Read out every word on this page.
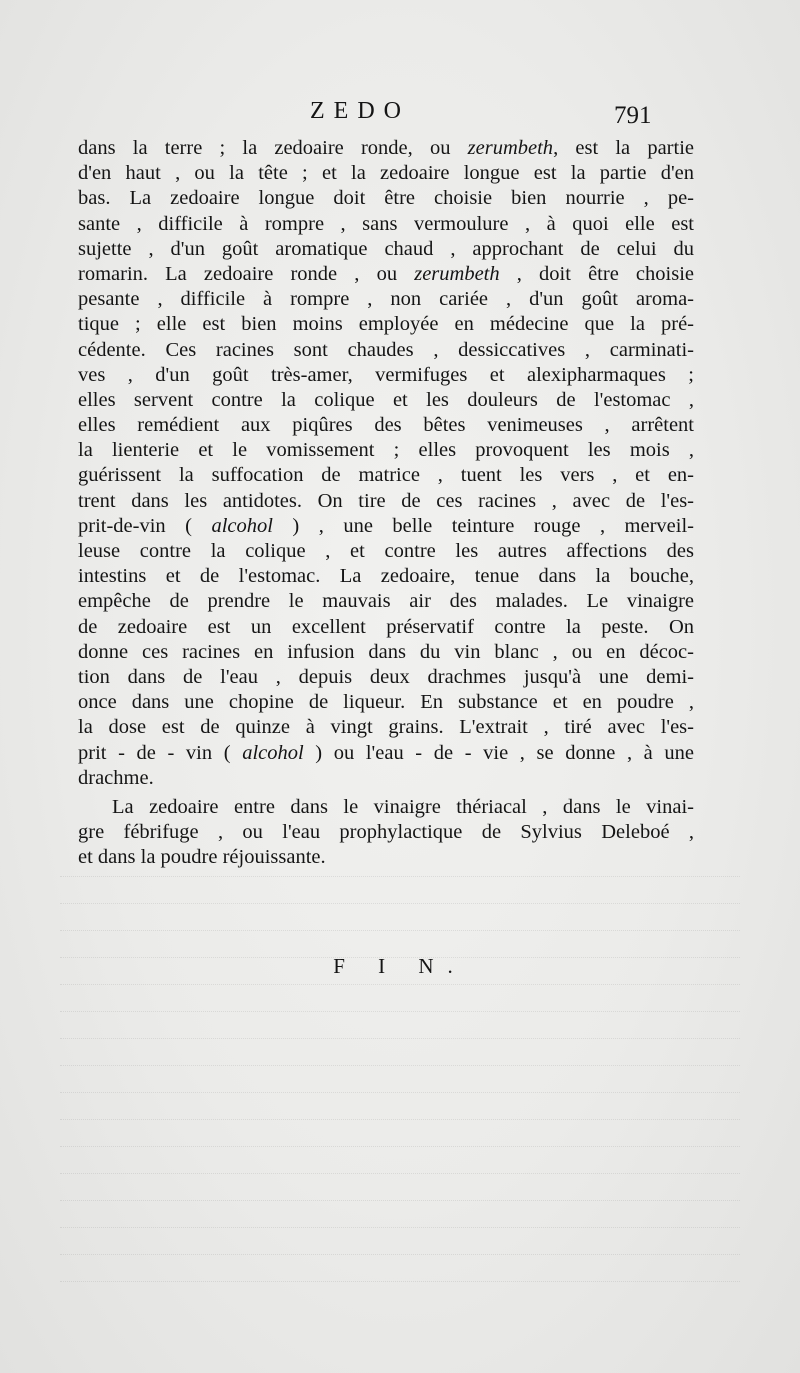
ZEDO	791
dans la terre ; la zedoaire ronde, ou zerumbeth, est la partie
d'en haut , ou la tête ; et la zedoaire longue est la partie d'en
bas. La zedoaire longue doit être choisie bien nourrie , pe-
sante , difficile à rompre , sans vermoulure , à quoi elle est
sujette , d'un goût aromatique chaud , approchant de celui du
romarin. La zedoaire ronde , ou zerumbeth , doit être choisie
pesante , difficile à rompre , non cariée , d'un goût aroma-
tique ; elle est bien moins employée en médecine que la pré-
cédente. Ces racines sont chaudes , dessiccatives , carminati-
ves , d'un goût très-amer, vermifuges et alexipharmaques ;
elles servent contre la colique et les douleurs de l'estomac ,
elles remédient aux piqûres des bêtes venimeuses , arrêtent
la lienterie et le vomissement ; elles provoquent les mois ,
guérissent la suffocation de matrice , tuent les vers , et en-
trent dans les antidotes. On tire de ces racines , avec de l'es-
prit-de-vin ( alcohol ) , une belle teinture rouge , merveil-
leuse contre la colique , et contre les autres affections des
intestins et de l'estomac. La zedoaire, tenue dans la bouche,
empêche de prendre le mauvais air des malades. Le vinaigre
de zedoaire est un excellent préservatif contre la peste. On
donne ces racines en infusion dans du vin blanc , ou en décoc-
tion dans de l'eau , depuis deux drachmes jusqu'à une demi-
once dans une chopine de liqueur. En substance et en poudre ,
la dose est de quinze à vingt grains. L'extrait , tiré avec l'es-
prit - de - vin ( alcohol ) ou l'eau - de - vie , se donne , à une
drachme.
La zedoaire entre dans le vinaigre thériacal , dans le vinai-
gre fébrifuge , ou l'eau prophylactique de Sylvius Deleboé ,
et dans la poudre réjouissante.
F I N.
